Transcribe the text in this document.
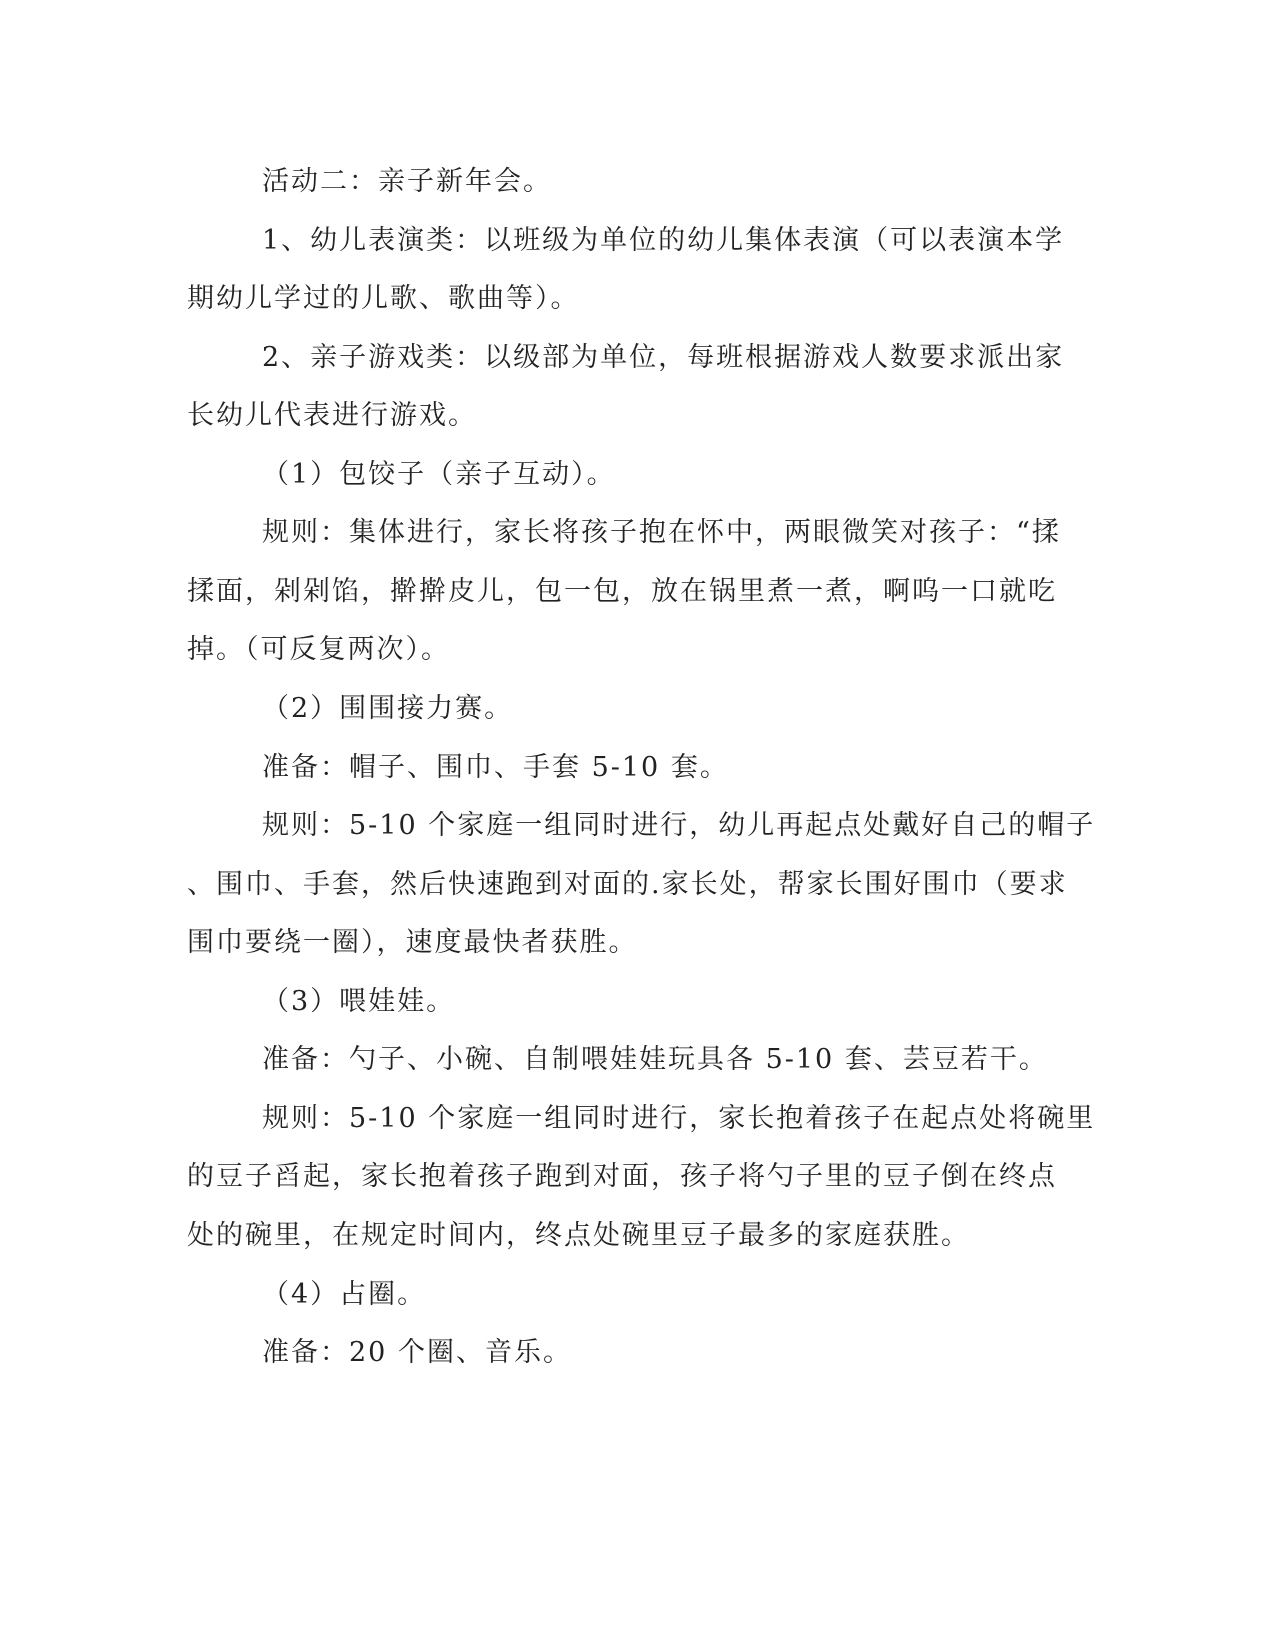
活动二：亲子新年会。

1、幼儿表演类：以班级为单位的幼儿集体表演（可以表演本学

期幼儿学过的儿歌、歌曲等）。

2、亲子游戏类：以级部为单位，每班根据游戏人数要求派出家

长幼儿代表进行游戏。

（1）包饺子（亲子互动）。

规则：集体进行，家长将孩子抱在怀中，两眼微笑对孩子：“揉

揉面，剁剁馅，擀擀皮儿，包一包，放在锅里煮一煮，啊呜一口就吃

掉。（可反复两次）。

（2）围围接力赛。

准备：帽子、围巾、手套 5-10 套。

规则：5-10 个家庭一组同时进行，幼儿再起点处戴好自己的帽子

、围巾、手套，然后快速跑到对面的.家长处，帮家长围好围巾（要求

围巾要绕一圈），速度最快者获胜。

（3）喂娃娃。

准备：勺子、小碗、自制喂娃娃玩具各 5-10 套、芸豆若干。

规则：5-10 个家庭一组同时进行，家长抱着孩子在起点处将碗里

的豆子舀起，家长抱着孩子跑到对面，孩子将勺子里的豆子倒在终点

处的碗里，在规定时间内，终点处碗里豆子最多的家庭获胜。

（4）占圈。

准备：20 个圈、音乐。
